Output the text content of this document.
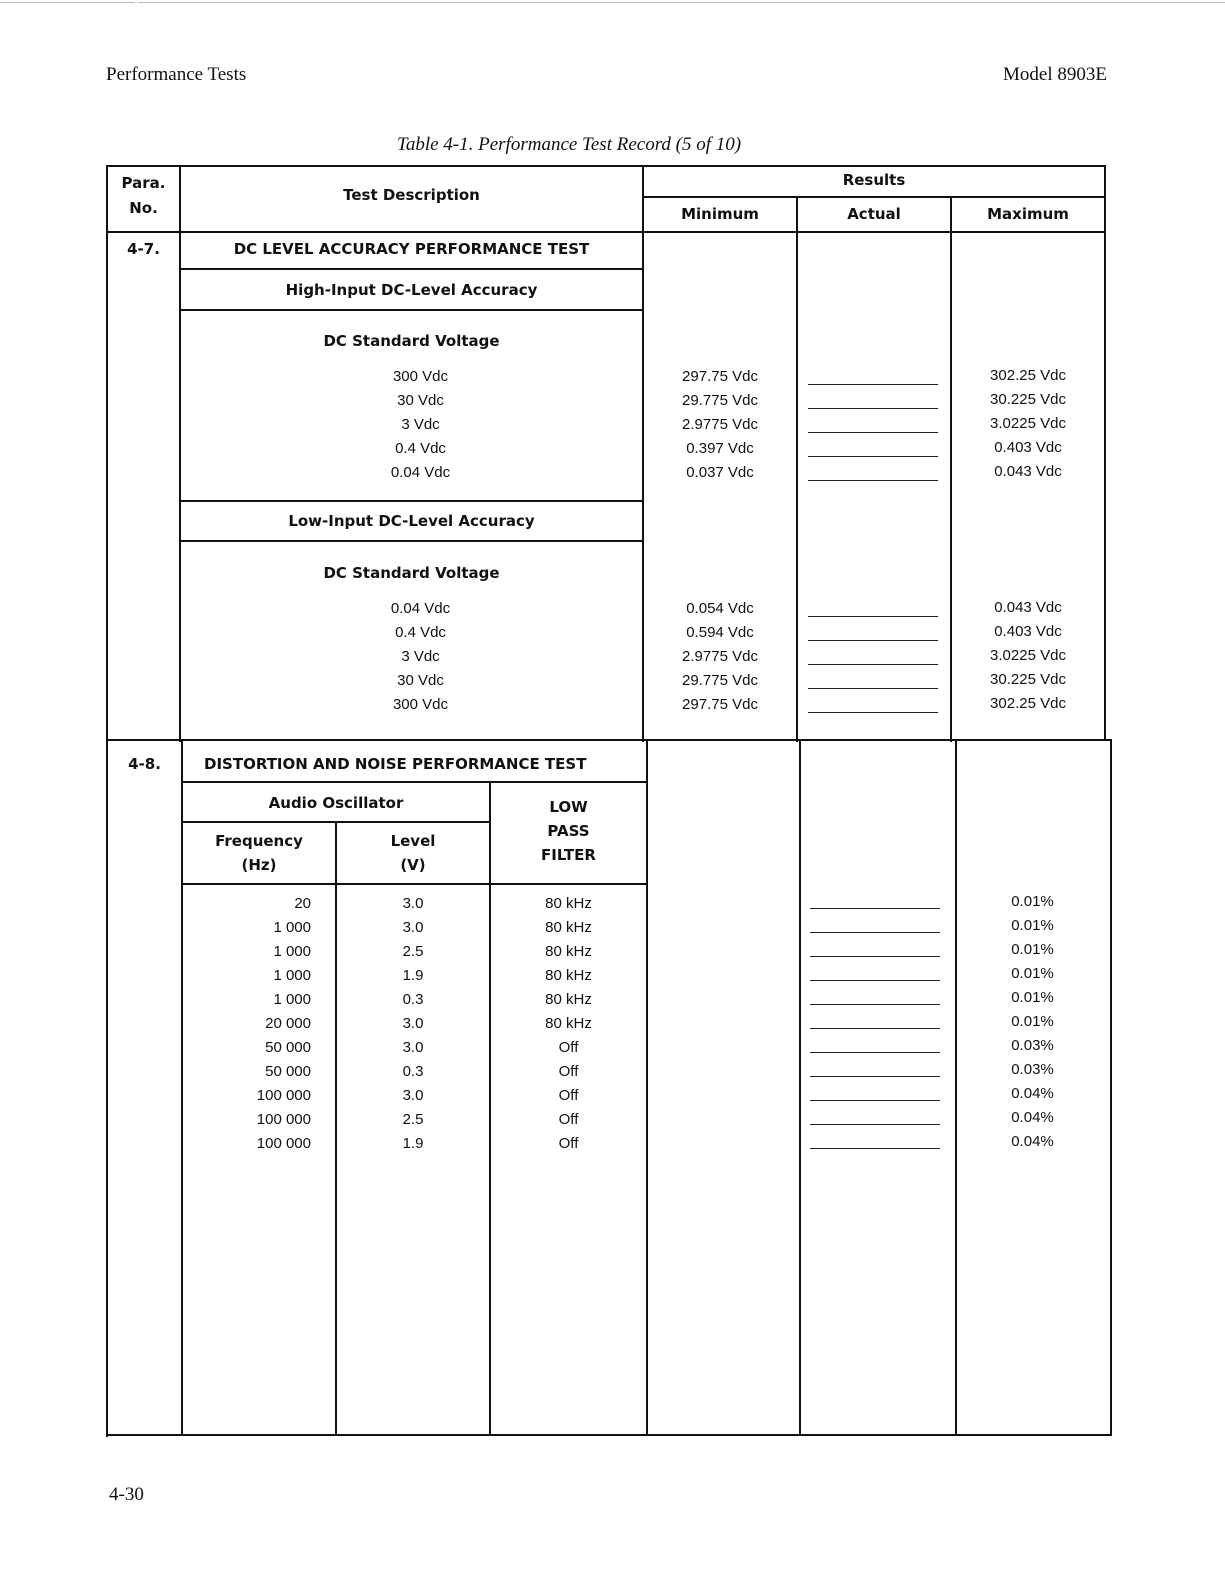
Performance Tests	Model 8903E
Table 4-1. Performance Test Record (5 of 10)
Para.
No.
Test Description
Results
Minimum	Actual	Maximum
4-7.	DC LEVEL ACCURACY PERFORMANCE TEST
High-Input DC-Level Accuracy
DC Standard Voltage
Low-Input DC-Level Accuracy
DC Standard Voltage
4-8.	DISTORTION AND NOISE PERFORMANCE TEST
Audio Oscillator
Frequency
(Hz)
Level
(V)
LOW
PASS
FILTER
300 Vdc	297.75 Vdc	302.25 Vdc
30 Vdc	29.775 Vdc	30.225 Vdc
3 Vdc	2.9775 Vdc	3.0225 Vdc
0.4 Vdc	0.397 Vdc	0.403 Vdc
0.04 Vdc	0.037 Vdc	0.043 Vdc
0.04 Vdc	0.054 Vdc	0.043 Vdc
0.4 Vdc	0.594 Vdc	0.403 Vdc
3 Vdc	2.9775 Vdc	3.0225 Vdc
30 Vdc	29.775 Vdc	30.225 Vdc
300 Vdc	297.75 Vdc	302.25 Vdc
20	3.0	80 kHz	0.01%
1 000	3.0	80 kHz	0.01%
1 000	2.5	80 kHz	0.01%
1 000	1.9	80 kHz	0.01%
1 000	0.3	80 kHz	0.01%
20 000	3.0	80 kHz	0.01%
50 000	3.0	Off	0.03%
50 000	0.3	Off	0.03%
100 000	3.0	Off	0.04%
100 000	2.5	Off	0.04%
100 000	1.9	Off	0.04%
4-30
